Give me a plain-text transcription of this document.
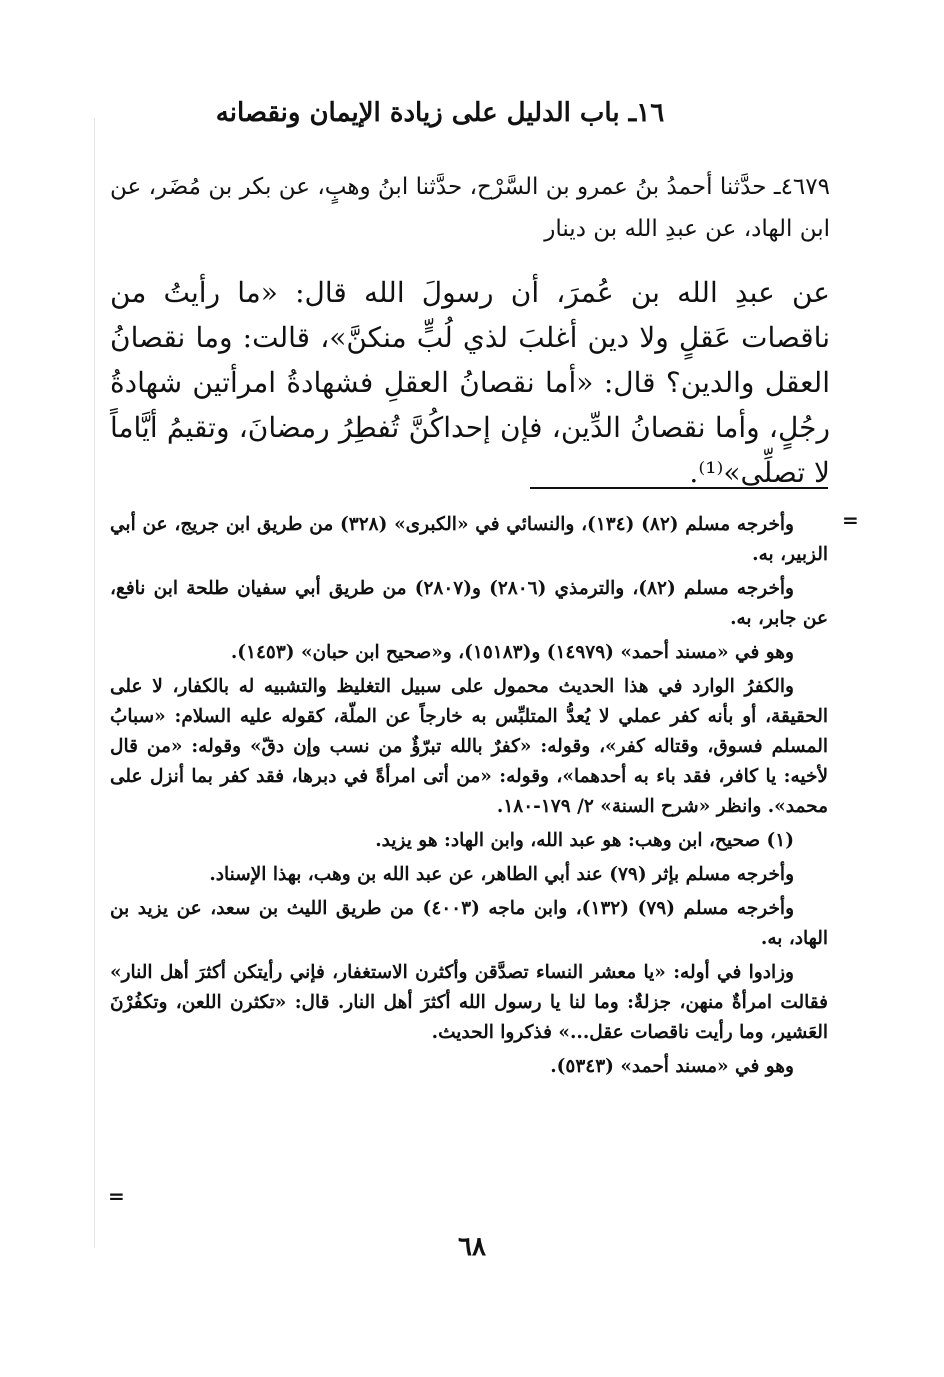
١٦ـ باب الدليل على زيادة الإيمان ونقصانه
٤٦٧٩ـ حدَّثنا أحمدُ بنُ عمرو بن السَّرْح، حدَّثنا ابنُ وهبٍ، عن بكر بن مُضَر، عن ابن الهاد، عن عبدِ الله بن دينار
عن عبدِ الله بن عُمرَ، أن رسولَ الله قال: «ما رأيتُ من ناقصات عَقلٍ ولا دين أغلبَ لذي لُبٍّ منكنَّ»، قالت: وما نقصانُ العقل والدين؟ قال: «أما نقصانُ العقلِ فشهادةُ امرأتين شهادةُ رجُلٍ، وأما نقصانُ الدِّين، فإن إحداكُنَّ تُفطِرُ رمضانَ، وتقيمُ أيَّاماً لا تصلِّي»⁽¹⁾.
=

وأخرجه مسلم (٨٢) (١٣٤)، والنسائي في «الكبرى» (٣٢٨) من طريق ابن جريج، عن أبي الزبير، به.

وأخرجه مسلم (٨٢)، والترمذي (٢٨٠٦) و(٢٨٠٧) من طريق أبي سفيان طلحة ابن نافع، عن جابر، به.

وهو في «مسند أحمد» (١٤٩٧٩) و(١٥١٨٣)، و«صحيح ابن حبان» (١٤٥٣).

والكفرُ الوارد في هذا الحديث محمول على سبيل التغليظ والتشبيه له بالكفار، لا على الحقيقة، أو بأنه كفر عملي لا يُعدُّ المتلبِّس به خارجاً عن الملّة، كقوله عليه السلام: «سبابُ المسلم فسوق، وقتاله كفر»، وقوله: «كفرٌ بالله تبرّؤٌ من نسب وإن دقّ» وقوله: «من قال لأخيه: يا كافر، فقد باء به أحدهما»، وقوله: «من أتى امرأةً في دبرها، فقد كفر بما أنزل على محمد». وانظر «شرح السنة» ٢/ ١٧٩-١٨٠.

(١) صحيح، ابن وهب: هو عبد الله، وابن الهاد: هو يزيد.

وأخرجه مسلم بإثر (٧٩) عند أبي الطاهر، عن عبد الله بن وهب، بهذا الإسناد.

وأخرجه مسلم (٧٩) (١٣٢)، وابن ماجه (٤٠٠٣) من طريق الليث بن سعد، عن يزيد بن الهاد، به.

وزادوا في أوله: «يا معشر النساء تصدَّقن وأكثرن الاستغفار، فإني رأيتكن أكثرَ أهل النار» فقالت امرأةٌ منهن، جزلةٌ: وما لنا يا رسول الله أكثرَ أهل النار. قال: «تكثرن اللعن، وتكفُرْنَ العَشير، وما رأيت ناقصات عقل...» فذكروا الحديث.

وهو في «مسند أحمد» (٥٣٤٣).

=
٦٨
